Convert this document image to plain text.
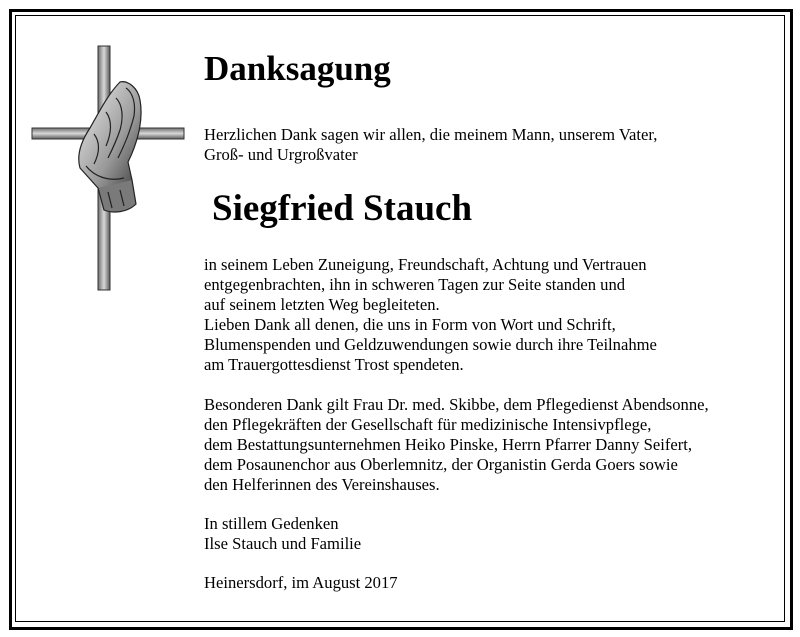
Danksagung

Herzlichen Dank sagen wir allen, die meinem Mann, unserem Vater,
Groß- und Urgroßvater

Siegfried Stauch

in seinem Leben Zuneigung, Freundschaft, Achtung und Vertrauen
entgegenbrachten, ihn in schweren Tagen zur Seite standen und
auf seinem letzten Weg begleiteten.
Lieben Dank all denen, die uns in Form von Wort und Schrift,
Blumenspenden und Geldzuwendungen sowie durch ihre Teilnahme
am Trauergottesdienst Trost spendeten.

Besonderen Dank gilt Frau Dr. med. Skibbe, dem Pflegedienst Abendsonne,
den Pflegekräften der Gesellschaft für medizinische Intensivpflege,
dem Bestattungsunternehmen Heiko Pinske, Herrn Pfarrer Danny Seifert,
dem Posaunenchor aus Oberlemnitz, der Organistin Gerda Goers sowie
den Helferinnen des Vereinshauses.

In stillem Gedenken
Ilse Stauch und Familie

Heinersdorf, im August 2017
